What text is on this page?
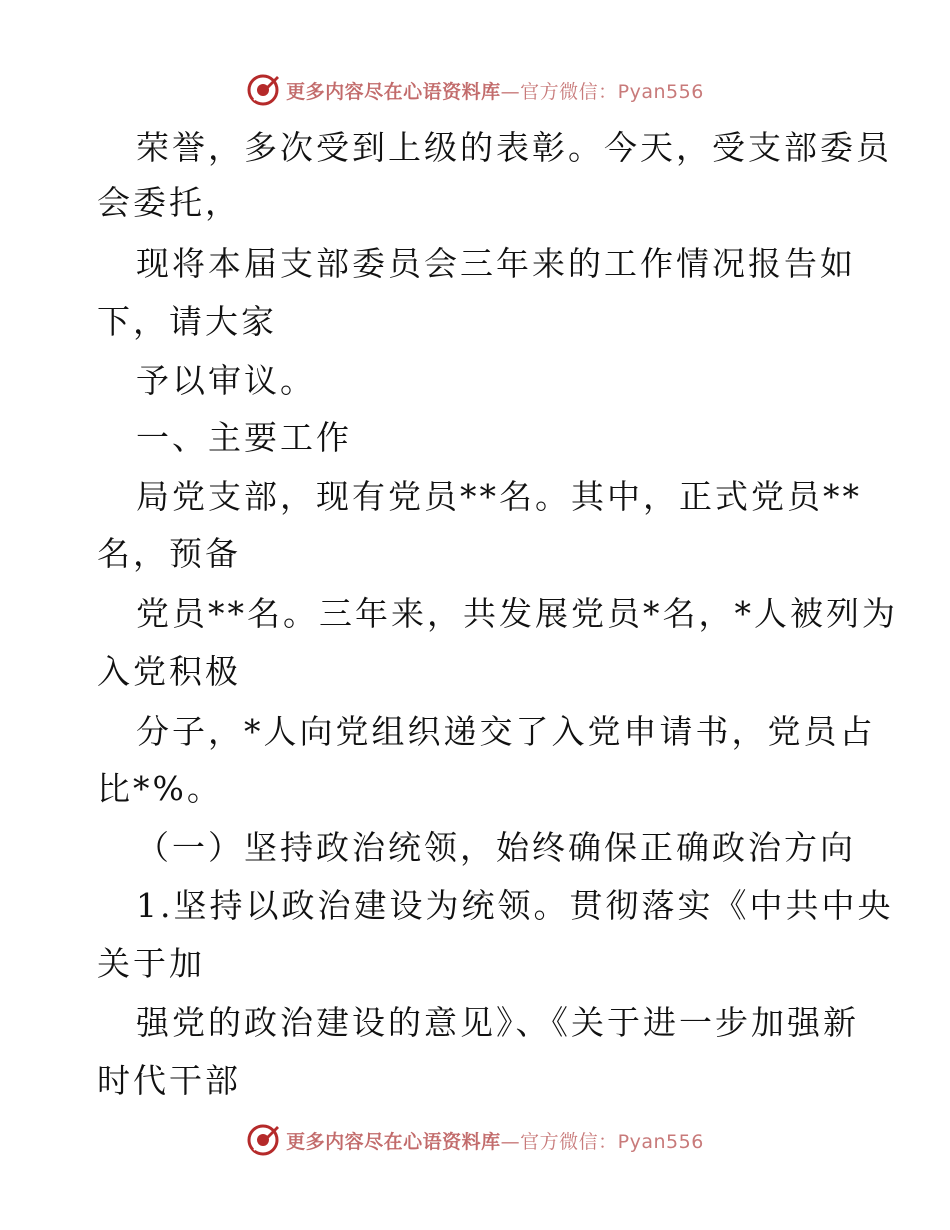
更多内容尽在心语资料库—官方微信：Pyan556
荣誉，多次受到上级的表彰。今天，受支部委员
会委托，
现将本届支部委员会三年来的工作情况报告如
下，请大家
予以审议。
一、主要工作
局党支部，现有党员**名。其中，正式党员**
名，预备
党员**名。三年来，共发展党员*名，*人被列为
入党积极
分子，*人向党组织递交了入党申请书，党员占
比*%。
（一）坚持政治统领，始终确保正确政治方向
1.坚持以政治建设为统领。贯彻落实《中共中央
关于加
强党的政治建设的意见》、《关于进一步加强新
时代干部
更多内容尽在心语资料库—官方微信：Pyan556
